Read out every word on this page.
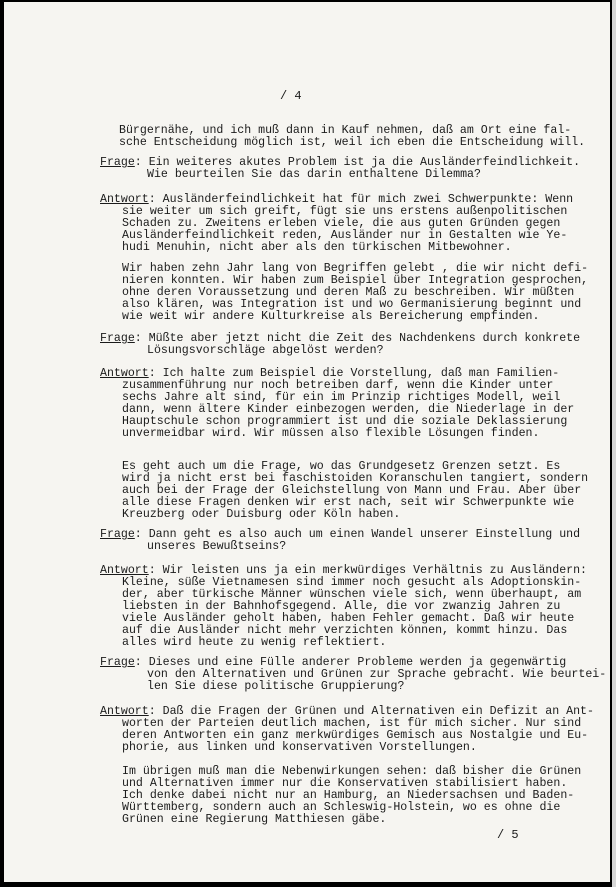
/ 4
Bürgernähe, und ich muß dann in Kauf nehmen, daß am Ort eine fal-
sche Entscheidung möglich ist, weil ich eben die Entscheidung will.
Frage: Ein weiteres akutes Problem ist ja die Ausländerfeindlichkeit.
Wie beurteilen Sie das darin enthaltene Dilemma?
Antwort: Ausländerfeindlichkeit hat für mich zwei Schwerpunkte: Wenn
sie weiter um sich greift, fügt sie uns erstens außenpolitischen
Schaden zu. Zweitens erleben viele, die aus guten Gründen gegen
Ausländerfeindlichkeit reden, Ausländer nur in Gestalten wie Ye-
hudi Menuhin, nicht aber als den türkischen Mitbewohner.
Wir haben zehn Jahr lang von Begriffen gelebt , die wir nicht defi-
nieren konnten. Wir haben zum Beispiel über Integration gesprochen,
ohne deren Voraussetzung und deren Maß zu beschreiben. Wir müßten
also klären, was Integration ist und wo Germanisierung beginnt und
wie weit wir andere Kulturkreise als Bereicherung empfinden.
Frage: Müßte aber jetzt nicht die Zeit des Nachdenkens durch konkrete
Lösungsvorschläge abgelöst werden?
Antwort: Ich halte zum Beispiel die Vorstellung, daß man Familien-
zusammenführung nur noch betreiben darf, wenn die Kinder unter
sechs Jahre alt sind, für ein im Prinzip richtiges Modell, weil
dann, wenn ältere Kinder einbezogen werden, die Niederlage in der
Hauptschule schon programmiert ist und die soziale Deklassierung
unvermeidbar wird. Wir müssen also flexible Lösungen finden.
Es geht auch um die Frage, wo das Grundgesetz Grenzen setzt. Es
wird ja nicht erst bei faschistoiden Koranschulen tangiert, sondern
auch bei der Frage der Gleichstellung von Mann und Frau. Aber über
alle diese Fragen denken wir erst nach, seit wir Schwerpunkte wie
Kreuzberg oder Duisburg oder Köln haben.
Frage: Dann geht es also auch um einen Wandel unserer Einstellung und
unseres Bewußtseins?
Antwort: Wir leisten uns ja ein merkwürdiges Verhältnis zu Ausländern:
Kleine, süße Vietnamesen sind immer noch gesucht als Adoptionskin-
der, aber türkische Männer wünschen viele sich, wenn überhaupt, am
liebsten in der Bahnhofsgegend. Alle, die vor zwanzig Jahren zu
viele Ausländer geholt haben, haben Fehler gemacht. Daß wir heute
auf die Ausländer nicht mehr verzichten können, kommt hinzu. Das
alles wird heute zu wenig reflektiert.
Frage: Dieses und eine Fülle anderer Probleme werden ja gegenwärtig
von den Alternativen und Grünen zur Sprache gebracht. Wie beurtei-
len Sie diese politische Gruppierung?
Antwort: Daß die Fragen der Grünen und Alternativen ein Defizit an Ant-
worten der Parteien deutlich machen, ist für mich sicher. Nur sind
deren Antworten ein ganz merkwürdiges Gemisch aus Nostalgie und Eu-
phorie, aus linken und konservativen Vorstellungen.
Im übrigen muß man die Nebenwirkungen sehen: daß bisher die Grünen
und Alternativen immer nur die Konservativen stabilisiert haben.
Ich denke dabei nicht nur an Hamburg, an Niedersachsen und Baden-
Württemberg, sondern auch an Schleswig-Holstein, wo es ohne die
Grünen eine Regierung Matthiesen gäbe.
/ 5
